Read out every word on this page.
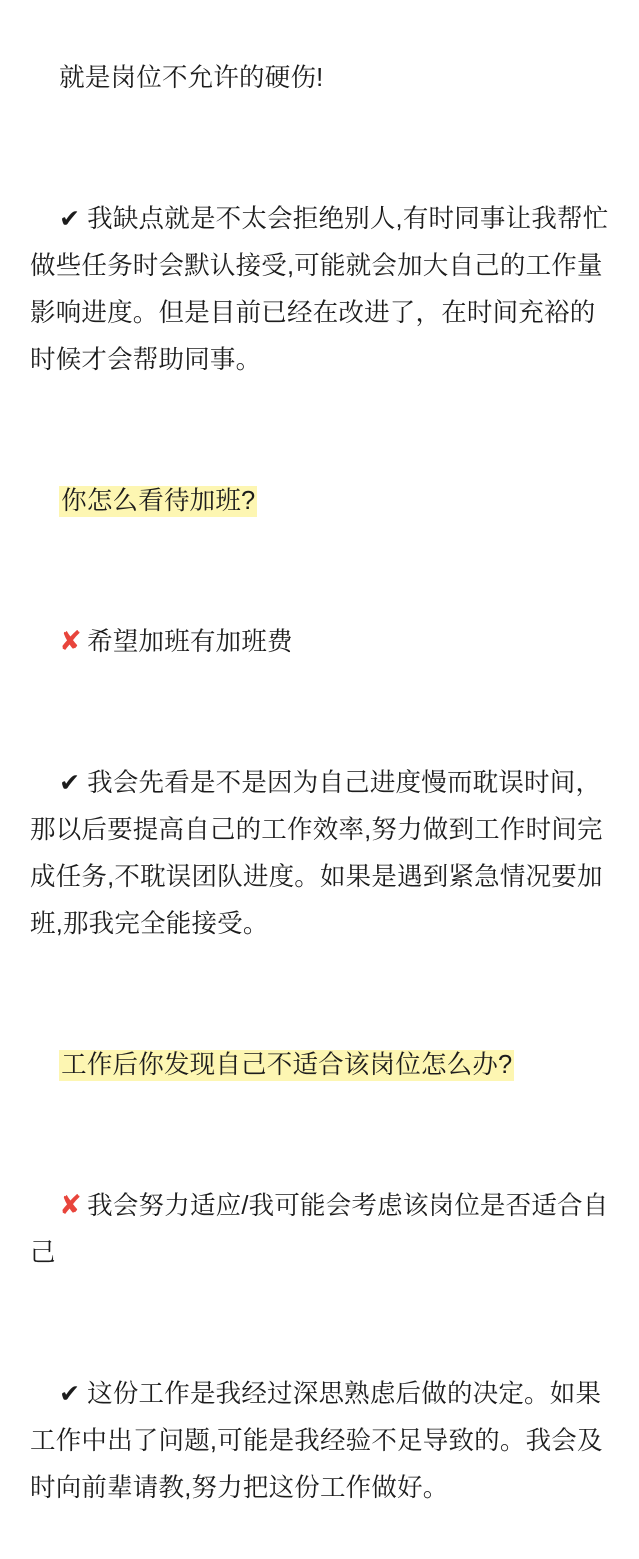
就是岗位不允许的硬伤!

✔ 我缺点就是不太会拒绝别人,有时同事让我帮忙做些任务时会默认接受,可能就会加大自己的工作量影响进度。但是目前已经在改进了，在时间充裕的时候才会帮助同事。

你怎么看待加班?

✘ 希望加班有加班费

✔ 我会先看是不是因为自己进度慢而耽误时间，那以后要提高自己的工作效率,努力做到工作时间完成任务,不耽误团队进度。如果是遇到紧急情况要加班,那我完全能接受。

工作后你发现自己不适合该岗位怎么办?

✘ 我会努力适应/我可能会考虑该岗位是否适合自己

✔ 这份工作是我经过深思熟虑后做的决定。如果工作中出了问题,可能是我经验不足导致的。我会及时向前辈请教,努力把这份工作做好。
